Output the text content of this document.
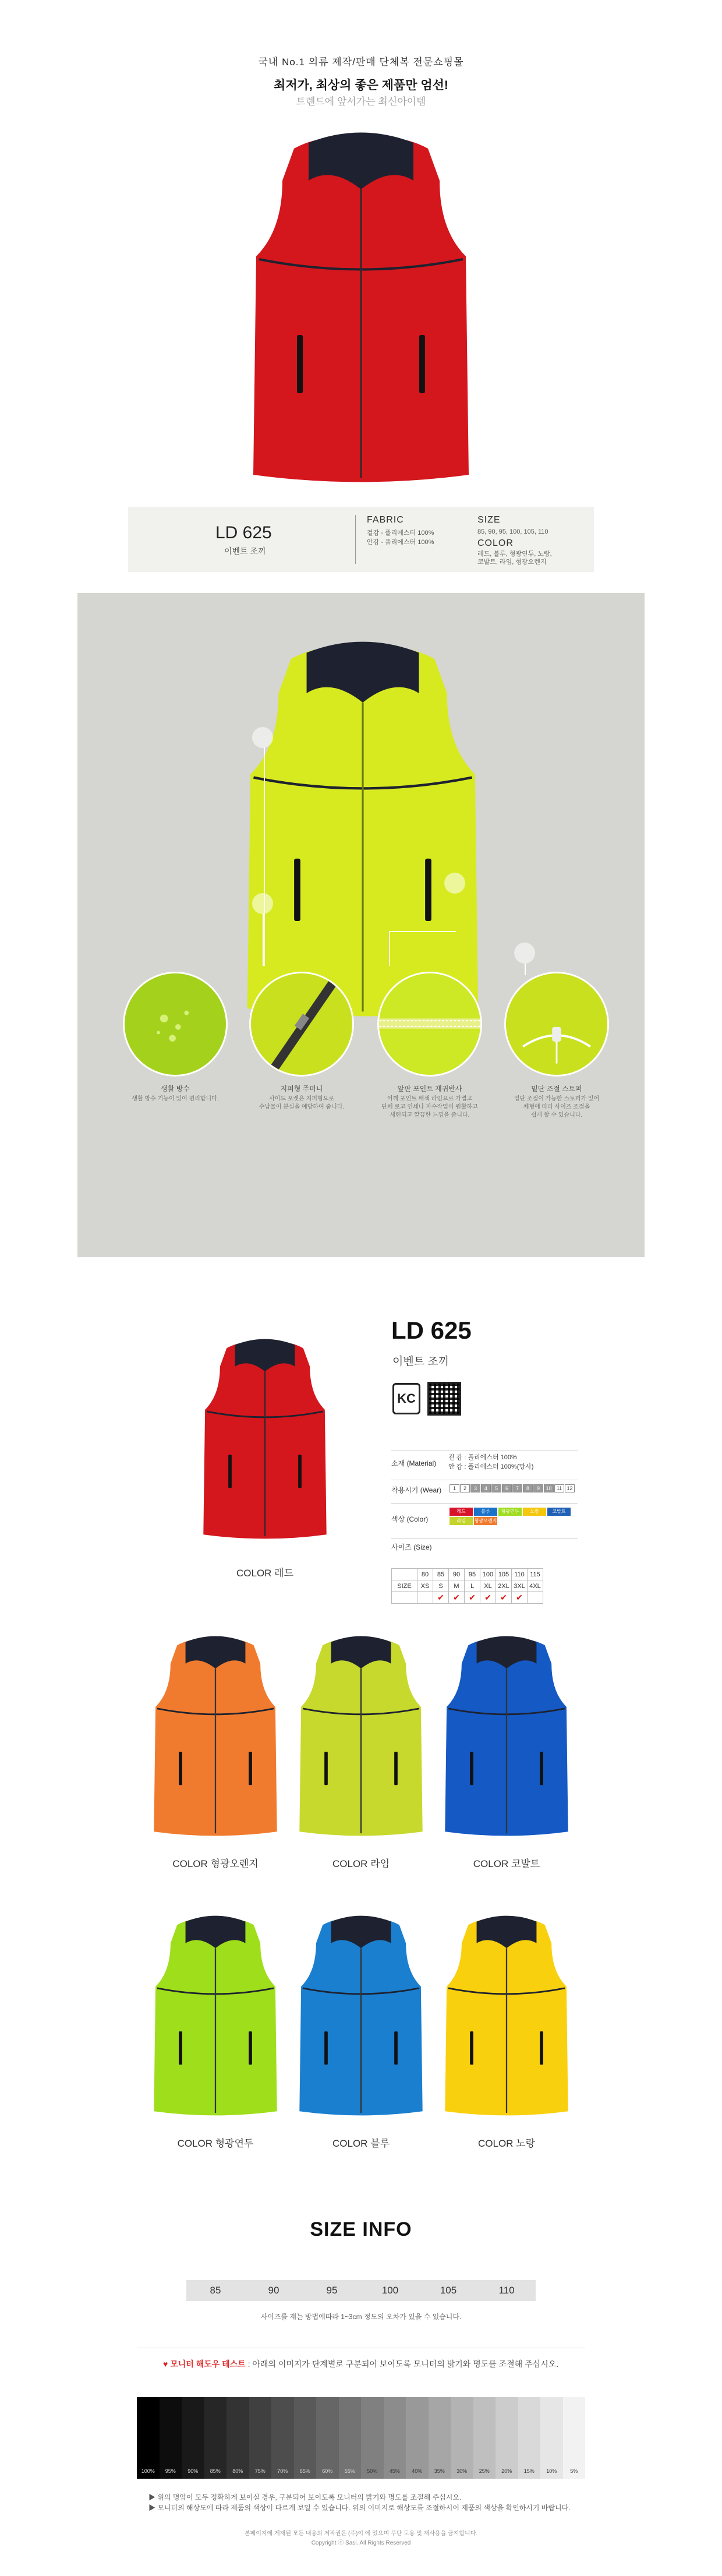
국내 No.1 의류 제작/판매 단체복 전문쇼핑몰
최저가, 최상의 좋은 제품만 엄선!
트렌드에 앞서가는 최신아이템
LD 625
이벤트 조끼
FABRIC
겉감 - 폴리에스터 100%
안감 - 폴리에스터 100%
SIZE
85, 90, 95, 100, 105, 110
COLOR
레드, 블루, 형광연두, 노랑,
코발트, 라임, 형광오렌지
생활 방수
생활 방수 기능이 있어 편리합니다.
지퍼형 주머니
사이드 포켓은 지퍼형으로
수납물이 분실을 예방하여 줍니다.
앞판 포인트 재귀반사
어깨 포인트 배색 라인으로 가볍고
단체 로고 인쇄나 자수작업이 원활하고
세련되고 깔끔한 느낌을 줍니다.
밑단 조절 스토퍼
밑단 조절이 가능한 스토퍼가 있어
체형에 따라 사이즈 조절을
쉽게 할 수 있습니다.
COLOR 레드
LD 625
이벤트 조끼
KC
소재 (Material)
겉 감 : 폴리에스터 100%
안 감 : 폴리에스터 100%(망사)
착용시기 (Wear)	1	2	3	4	5	6	7	8	9	10 11 12
색상 (Color)
레드	블루	형광연두	노랑	코발트
라임	형광오렌지
사이즈 (Size)
	80	85	90	95	100	105	110	115
SIZE	XS	S	M	L	XL	2XL	3XL	4XL
		✔	✔	✔	✔	✔	✔	
COLOR 형광오렌지	COLOR 라임	COLOR 코발트
COLOR 형광연두	COLOR 블루	COLOR 노랑
SIZE INFO
85	90	95	100	105	110
사이즈를 재는 방법에따라 1~3cm 정도의 오차가 있을 수 있습니다.
♥ 모니터 해도우 테스트 : 아래의 이미지가 단계별로 구분되어 보이도록 모니터의 밝기와 명도를 조절해 주십시오.
100%	95%	90%	85%	80%	75%	70%	65%	60%	55%	50%	45%	40%	35%	30%	25%	20%	15%	10%	5%
▶ 위의 명암이 모두 정확하게 보이실 경우, 구분되어 보이도록 모니터의 밝기와 명도를 조절해 주십시오.
▶ 모니터의 해상도에 따라 제품의 색상이 다르게 보일 수 있습니다. 위의 이미지로 해상도를 조절하시어 제품의 색상을 확인하시기 바랍니다.
본페이지에 게재된 모든 내용의 저작권은 (주)이 에 있으며 무단 도용 및 재사용을 금지합니다.
Copyright ⓒ Sasi. All Rights Reserved
